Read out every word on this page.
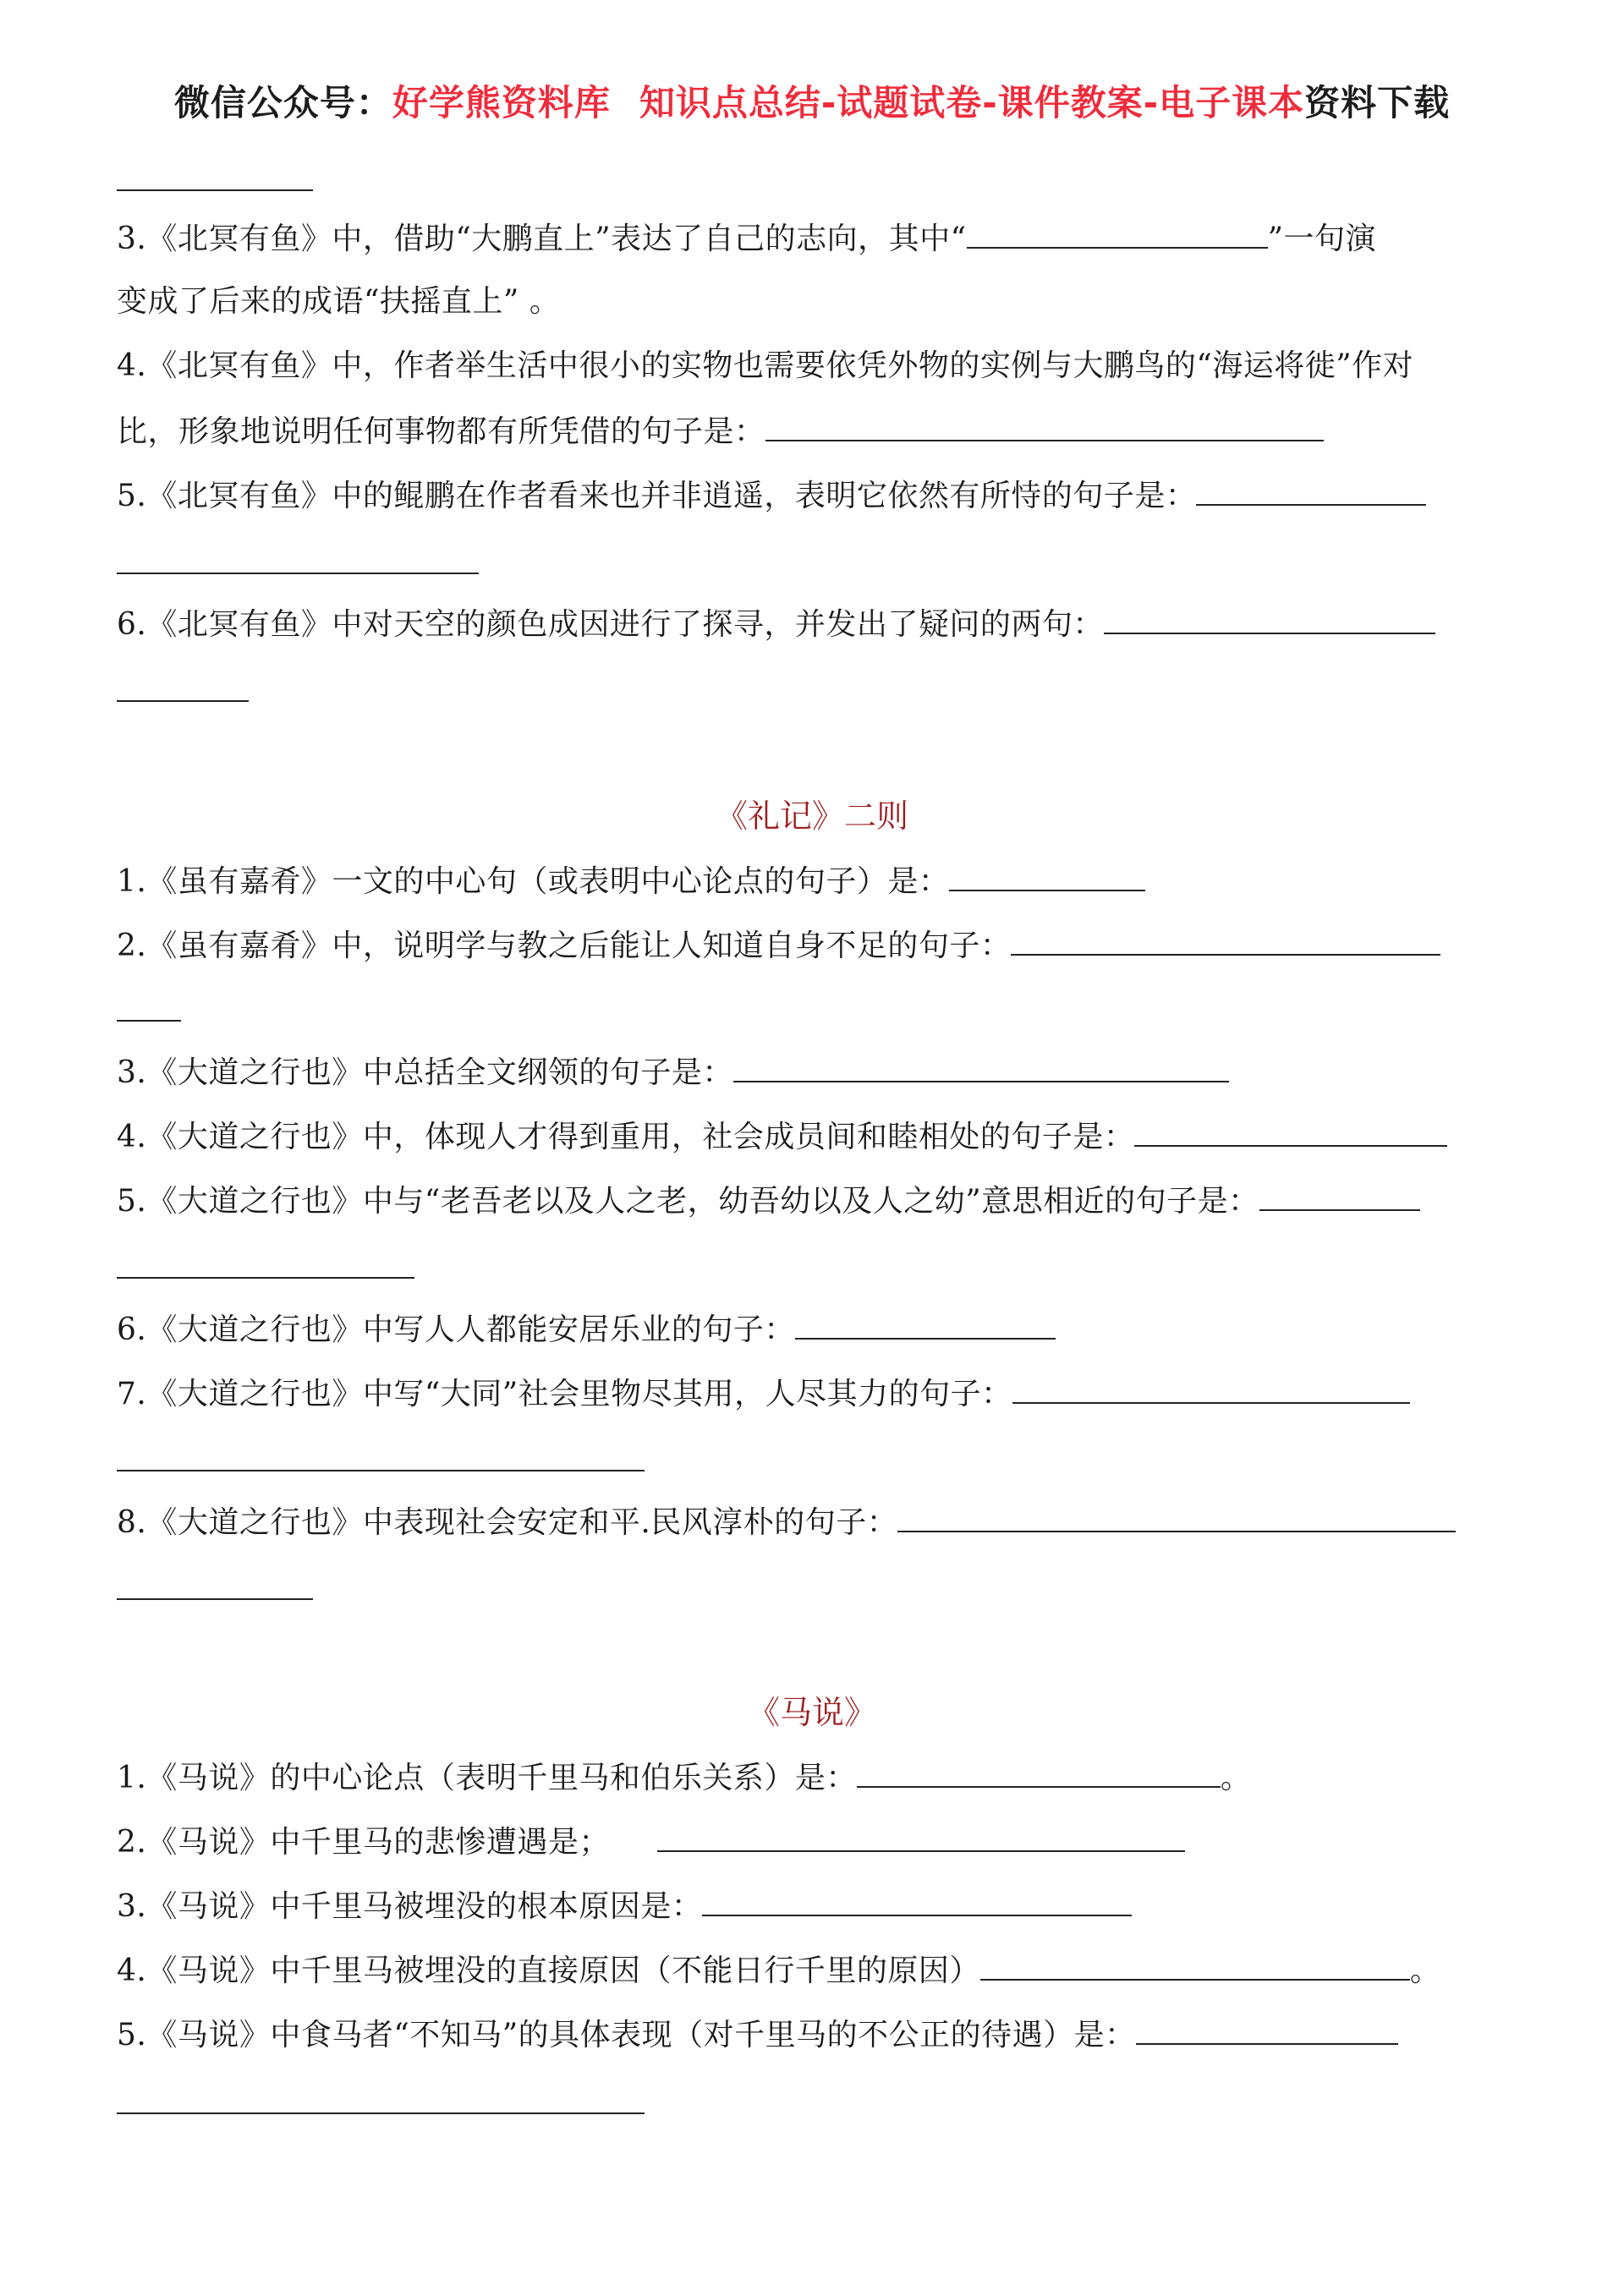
微信公众号：好学熊资料库 知识点总结-试题试卷-课件教案-电子课本资料下载
3.《北冥有鱼》中，借助“大鹏直上”表达了自己的志向，其中“	”一句演
变成了后来的成语“扶摇直上” 。
4.《北冥有鱼》中，作者举生活中很小的实物也需要依凭外物的实例与大鹏鸟的“海运将徙”作对
比，形象地说明任何事物都有所凭借的句子是：
5.《北冥有鱼》中的鲲鹏在作者看来也并非逍遥，表明它依然有所恃的句子是：
6.《北冥有鱼》中对天空的颜色成因进行了探寻，并发出了疑问的两句：
《礼记》二则
1.《虽有嘉肴》一文的中心句（或表明中心论点的句子）是：
2.《虽有嘉肴》中，说明学与教之后能让人知道自身不足的句子：
3.《大道之行也》中总括全文纲领的句子是：
4.《大道之行也》中，体现人才得到重用，社会成员间和睦相处的句子是：
5.《大道之行也》中与“老吾老以及人之老，幼吾幼以及人之幼”意思相近的句子是：
6.《大道之行也》中写人人都能安居乐业的句子：
7.《大道之行也》中写“大同”社会里物尽其用，人尽其力的句子：
8.《大道之行也》中表现社会安定和平.民风淳朴的句子：
《马说》
1.《马说》的中心论点（表明千里马和伯乐关系）是：	。
2.《马说》中千里马的悲惨遭遇是；
3.《马说》中千里马被埋没的根本原因是：
4.《马说》中千里马被埋没的直接原因（不能日行千里的原因）	。
5.《马说》中食马者“不知马”的具体表现（对千里马的不公正的待遇）是：
